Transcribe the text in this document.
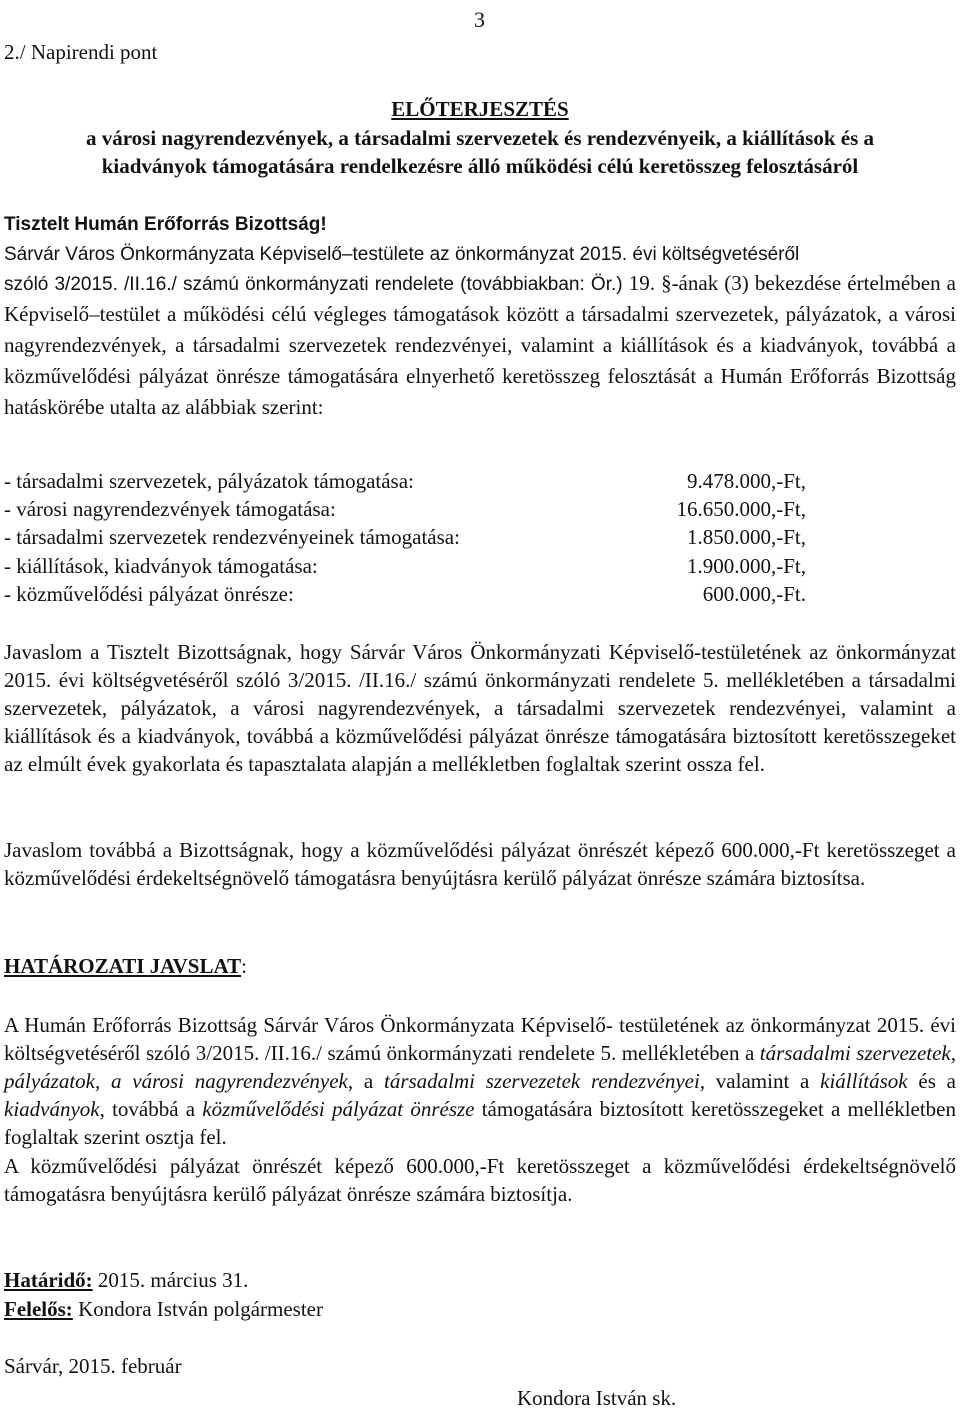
3
2./ Napirendi pont
ELŐTERJESZTÉS
a városi nagyrendezvények, a társadalmi szervezetek és rendezvényeik, a kiállítások és a
kiadványok támogatására rendelkezésre álló működési célú keretösszeg felosztásáról
Tisztelt Humán Erőforrás Bizottság!
Sárvár Város Önkormányzata Képviselő–testülete az önkormányzat 2015. évi költségvetéséről
szóló 3/2015. /II.16./ számú önkormányzati rendelete (továbbiakban: Ör.) 19. §-ának (3) bekezdése értelmében a Képviselő–testület a működési célú végleges támogatások között a társadalmi szervezetek, pályázatok, a városi nagyrendezvények, a társadalmi szervezetek rendezvényei, valamint a kiállítások és a kiadványok, továbbá a közművelődési pályázat önrésze támogatására elnyerhető keretösszeg felosztását a Humán Erőforrás Bizottság hatáskörébe utalta az alábbiak szerint:
- társadalmi szervezetek, pályázatok támogatása:	9.478.000,-Ft,
- városi nagyrendezvények támogatása:	16.650.000,-Ft,
- társadalmi szervezetek rendezvényeinek támogatása:	1.850.000,-Ft,
- kiállítások, kiadványok támogatása:	1.900.000,-Ft,
- közművelődési pályázat önrésze:	600.000,-Ft.
Javaslom a Tisztelt Bizottságnak, hogy Sárvár Város Önkormányzati Képviselő-testületének az önkormányzat 2015. évi költségvetéséről szóló 3/2015. /II.16./ számú önkormányzati rendelete 5. mellékletében a társadalmi szervezetek, pályázatok, a városi nagyrendezvények, a társadalmi szervezetek rendezvényei, valamint a kiállítások és a kiadványok, továbbá a közművelődési pályázat önrésze támogatására biztosított keretösszegeket az elmúlt évek gyakorlata és tapasztalata alapján a mellékletben foglaltak szerint ossza fel.
Javaslom továbbá a Bizottságnak, hogy a közművelődési pályázat önrészét képező 600.000,-Ft keretösszeget a közművelődési érdekeltségnövelő támogatásra benyújtásra kerülő pályázat önrésze számára biztosítsa.
HATÁROZATI JAVSLAT:
A Humán Erőforrás Bizottság Sárvár Város Önkormányzata Képviselő- testületének az önkormányzat 2015. évi költségvetéséről szóló 3/2015. /II.16./ számú önkormányzati rendelete 5. mellékletében a társadalmi szervezetek, pályázatok, a városi nagyrendezvények, a társadalmi szervezetek rendezvényei, valamint a kiállítások és a kiadványok, továbbá a közművelődési pályázat önrésze támogatására biztosított keretösszegeket a mellékletben foglaltak szerint osztja fel.
A közművelődési pályázat önrészét képező 600.000,-Ft keretösszeget a közművelődési érdekeltségnövelő támogatásra benyújtásra kerülő pályázat önrésze számára biztosítja.
Határidő: 2015. március 31.
Felelős: Kondora István polgármester
Sárvár, 2015. február
Kondora István sk.
